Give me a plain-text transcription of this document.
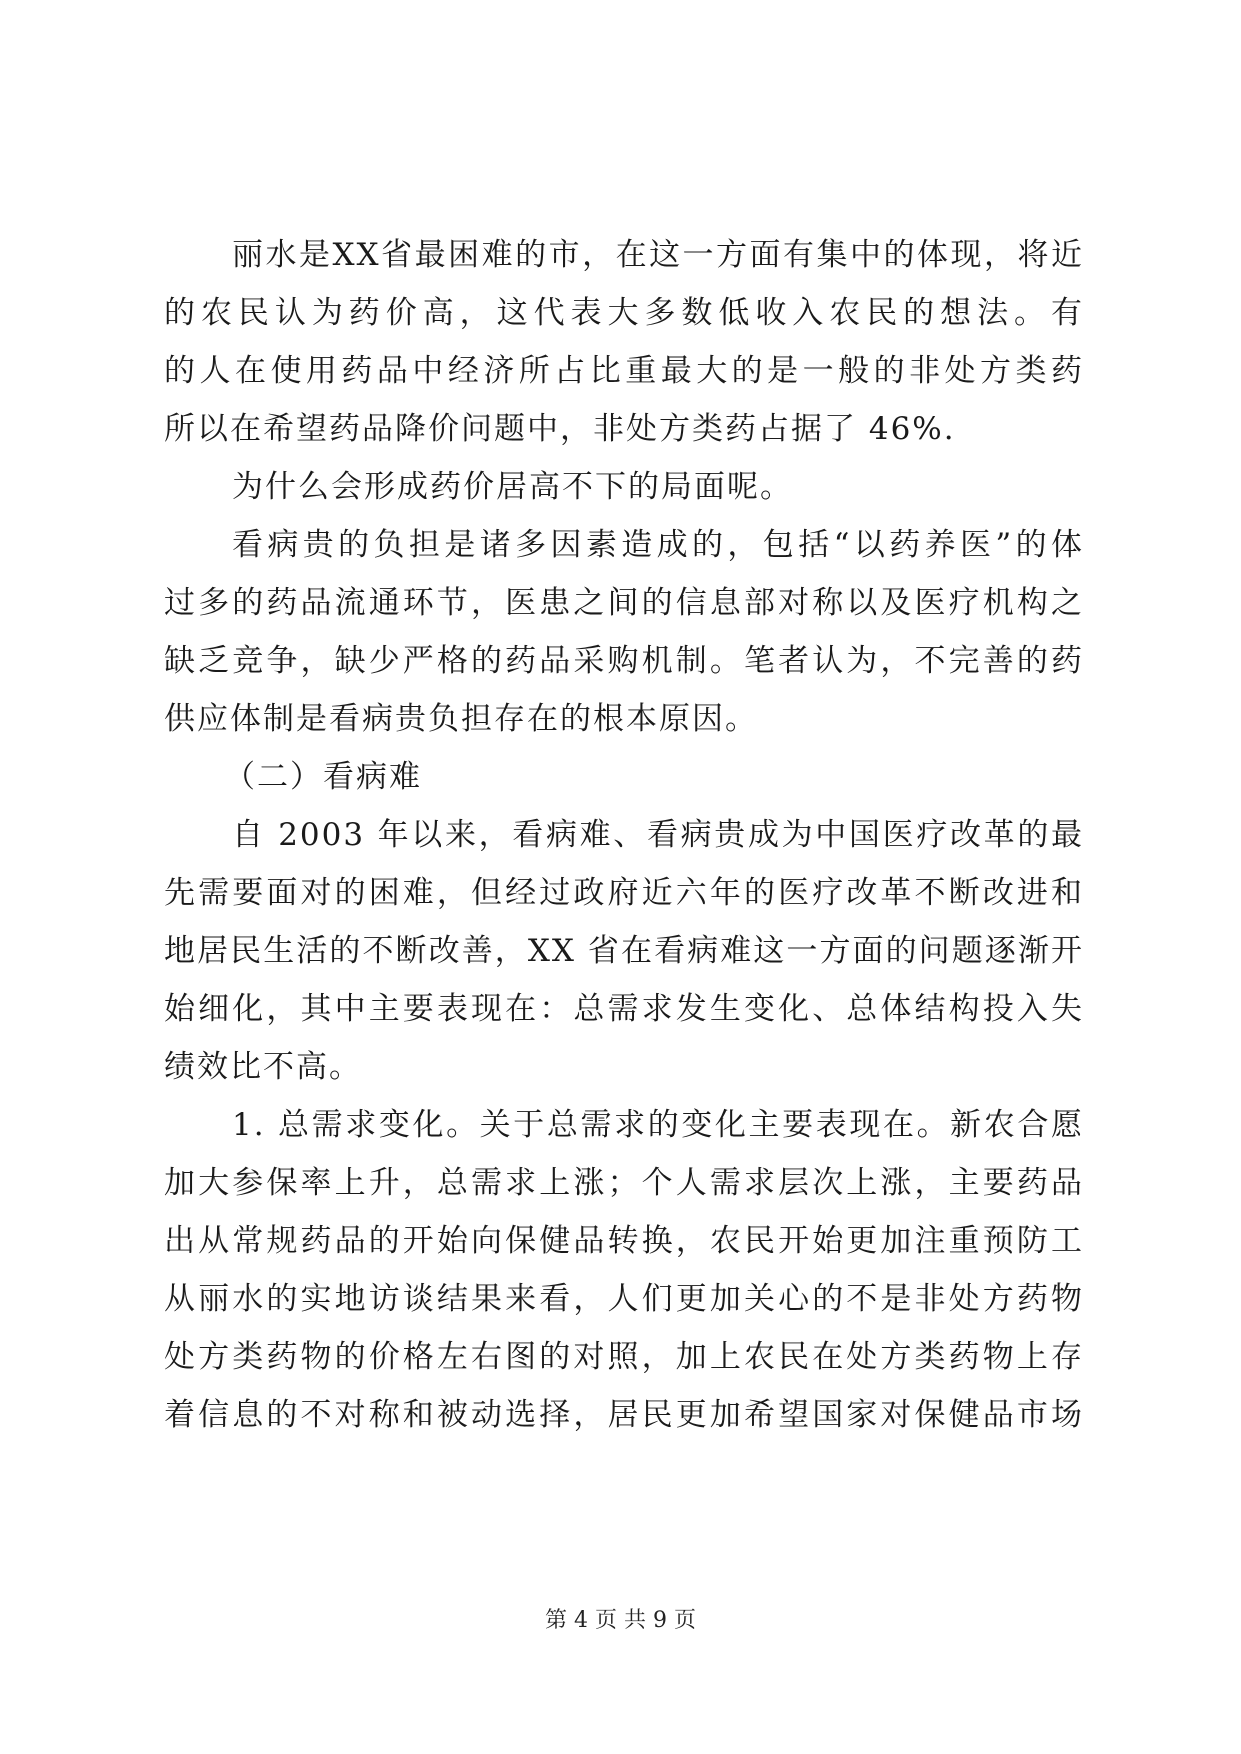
丽水是XX省最困难的市，在这一方面有集中的体现，将近
的农民认为药价高，这代表大多数低收入农民的想法。有
的人在使用药品中经济所占比重最大的是一般的非处方类药
所以在希望药品降价问题中，非处方类药占据了 46%.
为什么会形成药价居高不下的局面呢。
看病贵的负担是诸多因素造成的，包括“以药养医”的体
过多的药品流通环节，医患之间的信息部对称以及医疗机构之
缺乏竞争，缺少严格的药品采购机制。笔者认为，不完善的药
供应体制是看病贵负担存在的根本原因。
（二）看病难
自 2003 年以来，看病难、看病贵成为中国医疗改革的最
先需要面对的困难，但经过政府近六年的医疗改革不断改进和
地居民生活的不断改善，XX 省在看病难这一方面的问题逐渐开
始细化，其中主要表现在：总需求发生变化、总体结构投入失
绩效比不高。
1. 总需求变化。关于总需求的变化主要表现在。新农合愿
加大参保率上升，总需求上涨；个人需求层次上涨，主要药品
出从常规药品的开始向保健品转换，农民开始更加注重预防工
从丽水的实地访谈结果来看，人们更加关心的不是非处方药物
处方类药物的价格左右图的对照，加上农民在处方类药物上存
着信息的不对称和被动选择，居民更加希望国家对保健品市场
第 4 页 共 9 页
